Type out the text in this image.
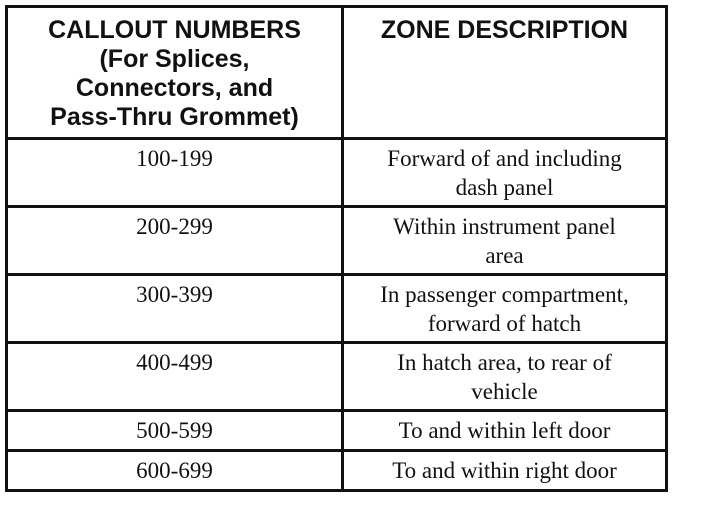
CALLOUT NUMBERS
(For Splices,
Connectors, and
Pass-Thru Grommet)	ZONE DESCRIPTION

100-199	Forward of and including
dash panel

200-299	Within instrument panel
area

300-399	In passenger compartment,
forward of hatch

400-499	In hatch area, to rear of
vehicle

500-599	To and within left door

600-699	To and within right door
